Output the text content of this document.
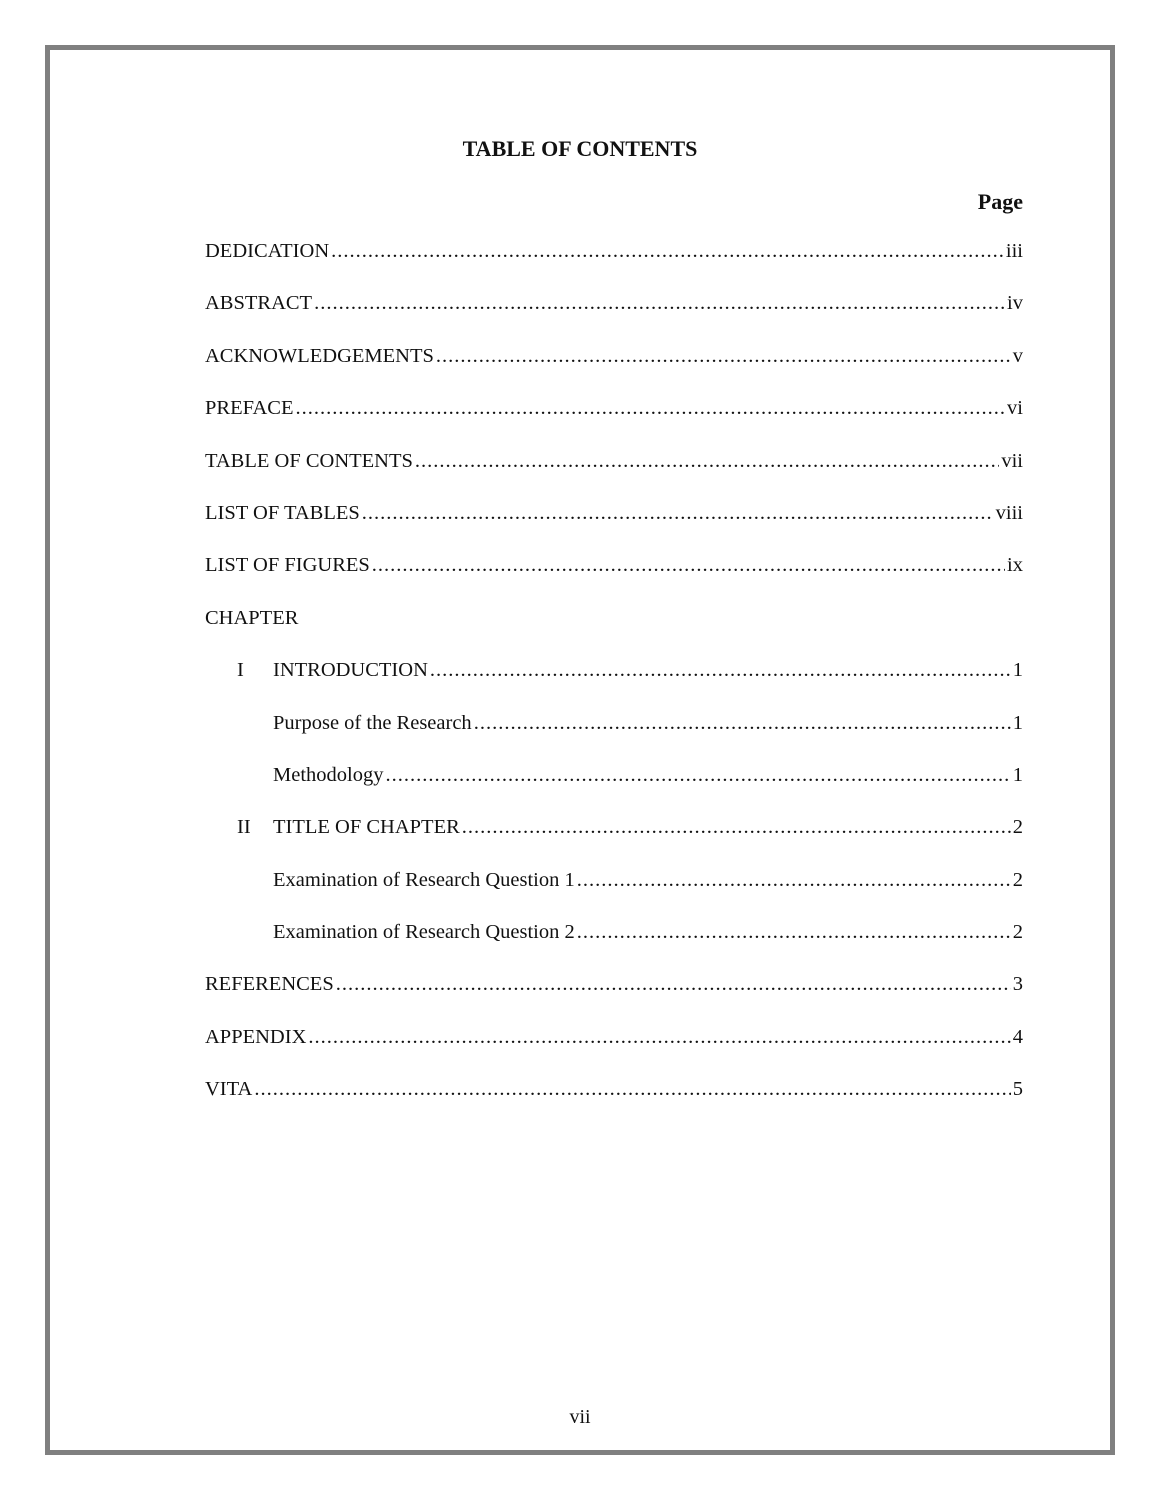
TABLE OF CONTENTS
Page
DEDICATION .....	iii
ABSTRACT .....	iv
ACKNOWLEDGEMENTS .....	v
PREFACE .....	vi
TABLE OF CONTENTS .....	vii
LIST OF TABLES .....	viii
LIST OF FIGURES .....	ix
CHAPTER
I	INTRODUCTION .....	1
Purpose of the Research .....	1
Methodology .....	1
II	TITLE OF CHAPTER .....	2
Examination of Research Question 1 .....	2
Examination of Research Question 2 .....	2
REFERENCES .....	3
APPENDIX .....	4
VITA .....	5
vii
